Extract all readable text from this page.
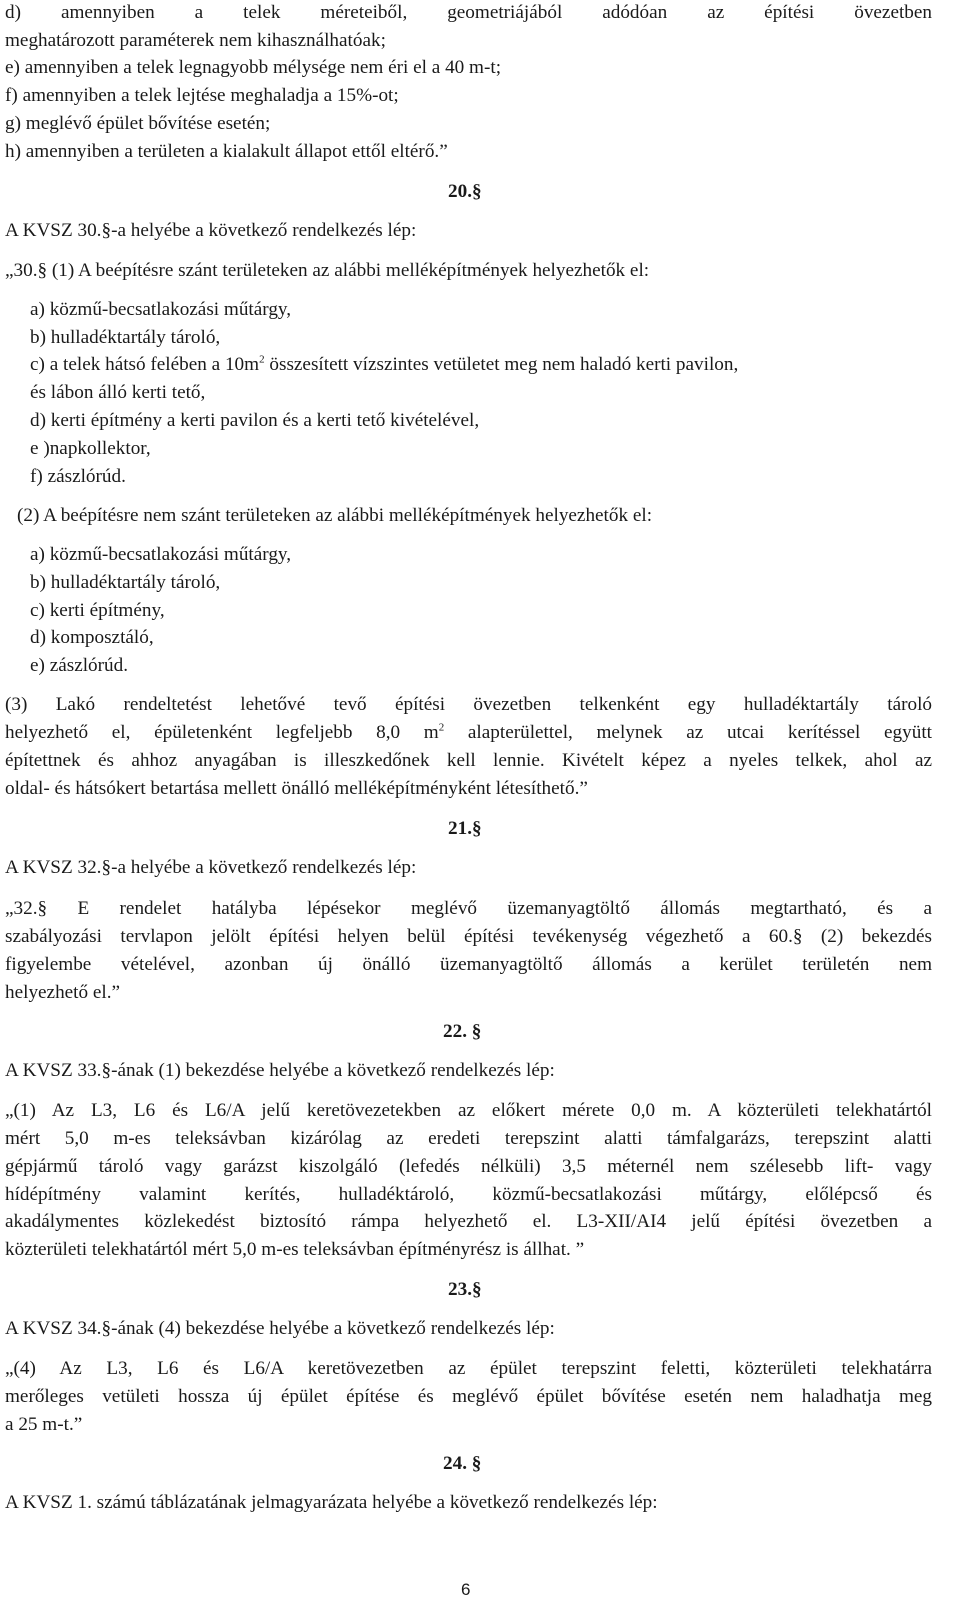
d) amennyiben a telek méreteiből, geometriájából adódóan az építési övezetben
meghatározott paraméterek nem kihasználhatóak;
e) amennyiben a telek legnagyobb mélysége nem éri el a 40 m-t;
f) amennyiben a telek lejtése meghaladja a 15%-ot;
g) meglévő épület bővítése esetén;
h) amennyiben a területen a kialakult állapot ettől eltérő.”
20.§
A KVSZ 30.§-a helyébe a következő rendelkezés lép:
„30.§ (1) A beépítésre szánt területeken az alábbi melléképítmények helyezhetők el:
a) közmű-becsatlakozási műtárgy,
b) hulladéktartály tároló,
c) a telek hátsó felében a $10m^2$ összesített vízszintes vetületet meg nem haladó kerti pavilon,
és lábon álló kerti tető,
d) kerti építmény a kerti pavilon és a kerti tető kivételével,
e )napkollektor,
f) zászlórúd.
(2) A beépítésre nem szánt területeken az alábbi melléképítmények helyezhetők el:
a) közmű-becsatlakozási műtárgy,
b) hulladéktartály tároló,
c) kerti építmény,
d) komposztáló,
e) zászlórúd.
(3) Lakó rendeltetést lehetővé tevő építési övezetben telkenként egy hulladéktartály tároló
helyezhető el, épületenként legfeljebb 8,0 $m^2$ alapterülettel, melynek az utcai kerítéssel együtt
építettnek és ahhoz anyagában is illeszkedőnek kell lennie. Kivételt képez a nyeles telkek, ahol az
oldal- és hátsókert betartása mellett önálló melléképítményként létesíthető.”
21.§
A KVSZ 32.§-a helyébe a következő rendelkezés lép:
„32.§ E rendelet hatályba lépésekor meglévő üzemanyagtöltő állomás megtartható, és a
szabályozási tervlapon jelölt építési helyen belül építési tevékenység végezhető a 60.§ (2) bekezdés
figyelembe vételével, azonban új önálló üzemanyagtöltő állomás a kerület területén nem
helyezhető el.”
22. §
A KVSZ 33.§-ának (1) bekezdése helyébe a következő rendelkezés lép:
„(1) Az L3, L6 és L6/A jelű keretövezetekben az előkert mérete 0,0 m. A közterületi telekhatártól
mért 5,0 m-es teleksávban kizárólag az eredeti terepszint alatti támfalgarázs, terepszint alatti
gépjármű tároló vagy garázst kiszolgáló (lefedés nélküli) 3,5 méternél nem szélesebb lift- vagy
hídépítmény valamint kerítés, hulladéktároló, közmű-becsatlakozási műtárgy, előlépcső és
akadálymentes közlekedést biztosító rámpa helyezhető el. L3-XII/AI4 jelű építési övezetben a
közterületi telekhatártól mért 5,0 m-es teleksávban építményrész is állhat. ”
23.§
A KVSZ 34.§-ának (4) bekezdése helyébe a következő rendelkezés lép:
„(4) Az L3, L6 és L6/A keretövezetben az épület terepszint feletti, közterületi telekhatárra
merőleges vetületi hossza új épület építése és meglévő épület bővítése esetén nem haladhatja meg
a 25 m-t.”
24. §
A KVSZ 1. számú táblázatának jelmagyarázata helyébe a következő rendelkezés lép:
6
